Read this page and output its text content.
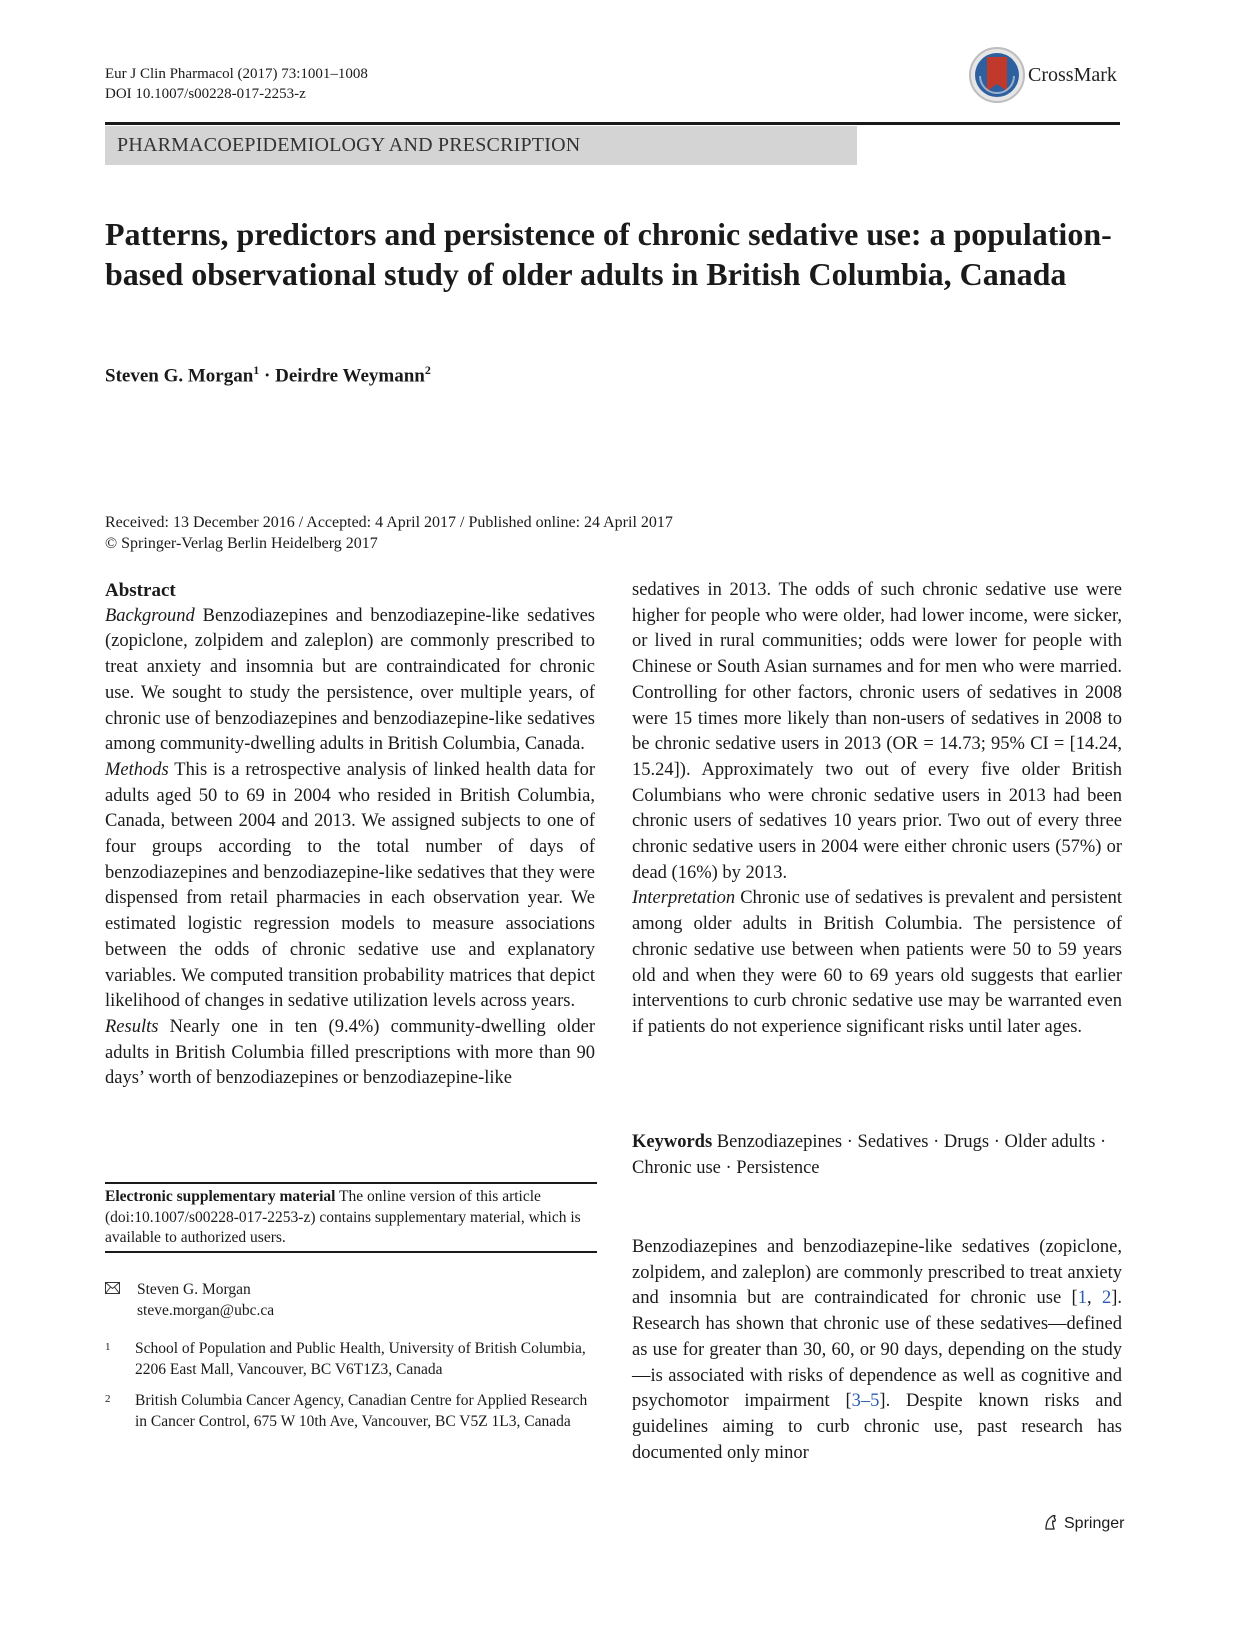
Eur J Clin Pharmacol (2017) 73:1001–1008
DOI 10.1007/s00228-017-2253-z
CrossMark
PHARMACOEPIDEMIOLOGY AND PRESCRIPTION
Patterns, predictors and persistence of chronic sedative use: a population-based observational study of older adults in British Columbia, Canada
Steven G. Morgan$^1$ · Deirdre Weymann$^2$
Received: 13 December 2016 / Accepted: 4 April 2017 / Published online: 24 April 2017
© Springer-Verlag Berlin Heidelberg 2017

Abstract

Background Benzodiazepines and benzodiazepine-like sedatives (zopiclone, zolpidem and zaleplon) are commonly prescribed to treat anxiety and insomnia but are contraindicated for chronic use. We sought to study the persistence, over multiple years, of chronic use of benzodiazepines and benzodiazepine-like sedatives among community-dwelling adults in British Columbia, Canada.

Methods This is a retrospective analysis of linked health data for adults aged 50 to 69 in 2004 who resided in British Columbia, Canada, between 2004 and 2013. We assigned subjects to one of four groups according to the total number of days of benzodiazepines and benzodiazepine-like sedatives that they were dispensed from retail pharmacies in each observation year. We estimated logistic regression models to measure associations between the odds of chronic sedative use and explanatory variables. We computed transition probability matrices that depict likelihood of changes in sedative utilization levels across years.

Results Nearly one in ten (9.4%) community-dwelling older adults in British Columbia filled prescriptions with more than 90 days’ worth of benzodiazepines or benzodiazepine-like

Electronic supplementary material The online version of this article (doi:10.1007/s00228-017-2253-z) contains supplementary material, which is available to authorized users.
Steven G. Morgan
steve.morgan@ubc.ca
1 School of Population and Public Health, University of British Columbia, 2206 East Mall, Vancouver, BC V6T1Z3, Canada
2 British Columbia Cancer Agency, Canadian Centre for Applied Research in Cancer Control, 675 W 10th Ave, Vancouver, BC V5Z 1L3, Canada

sedatives in 2013. The odds of such chronic sedative use were higher for people who were older, had lower income, were sicker, or lived in rural communities; odds were lower for people with Chinese or South Asian surnames and for men who were married. Controlling for other factors, chronic users of sedatives in 2008 were 15 times more likely than non-users of sedatives in 2008 to be chronic sedative users in 2013 (OR = 14.73; 95% CI = [14.24, 15.24]). Approximately two out of every five older British Columbians who were chronic sedative users in 2013 had been chronic users of sedatives 10 years prior. Two out of every three chronic sedative users in 2004 were either chronic users (57%) or dead (16%) by 2013.

Interpretation Chronic use of sedatives is prevalent and persistent among older adults in British Columbia. The persistence of chronic sedative use between when patients were 50 to 59 years old and when they were 60 to 69 years old suggests that earlier interventions to curb chronic sedative use may be warranted even if patients do not experience significant risks until later ages.

Keywords Benzodiazepines · Sedatives · Drugs · Older adults · Chronic use · Persistence

Benzodiazepines and benzodiazepine-like sedatives (zopiclone, zolpidem, and zaleplon) are commonly prescribed to treat anxiety and insomnia but are contraindicated for chronic use [1, 2]. Research has shown that chronic use of these sedatives—defined as use for greater than 30, 60, or 90 days, depending on the study—is associated with risks of dependence as well as cognitive and psychomotor impairment [3–5]. Despite known risks and guidelines aiming to curb chronic use, past research has documented only minor

Springer
